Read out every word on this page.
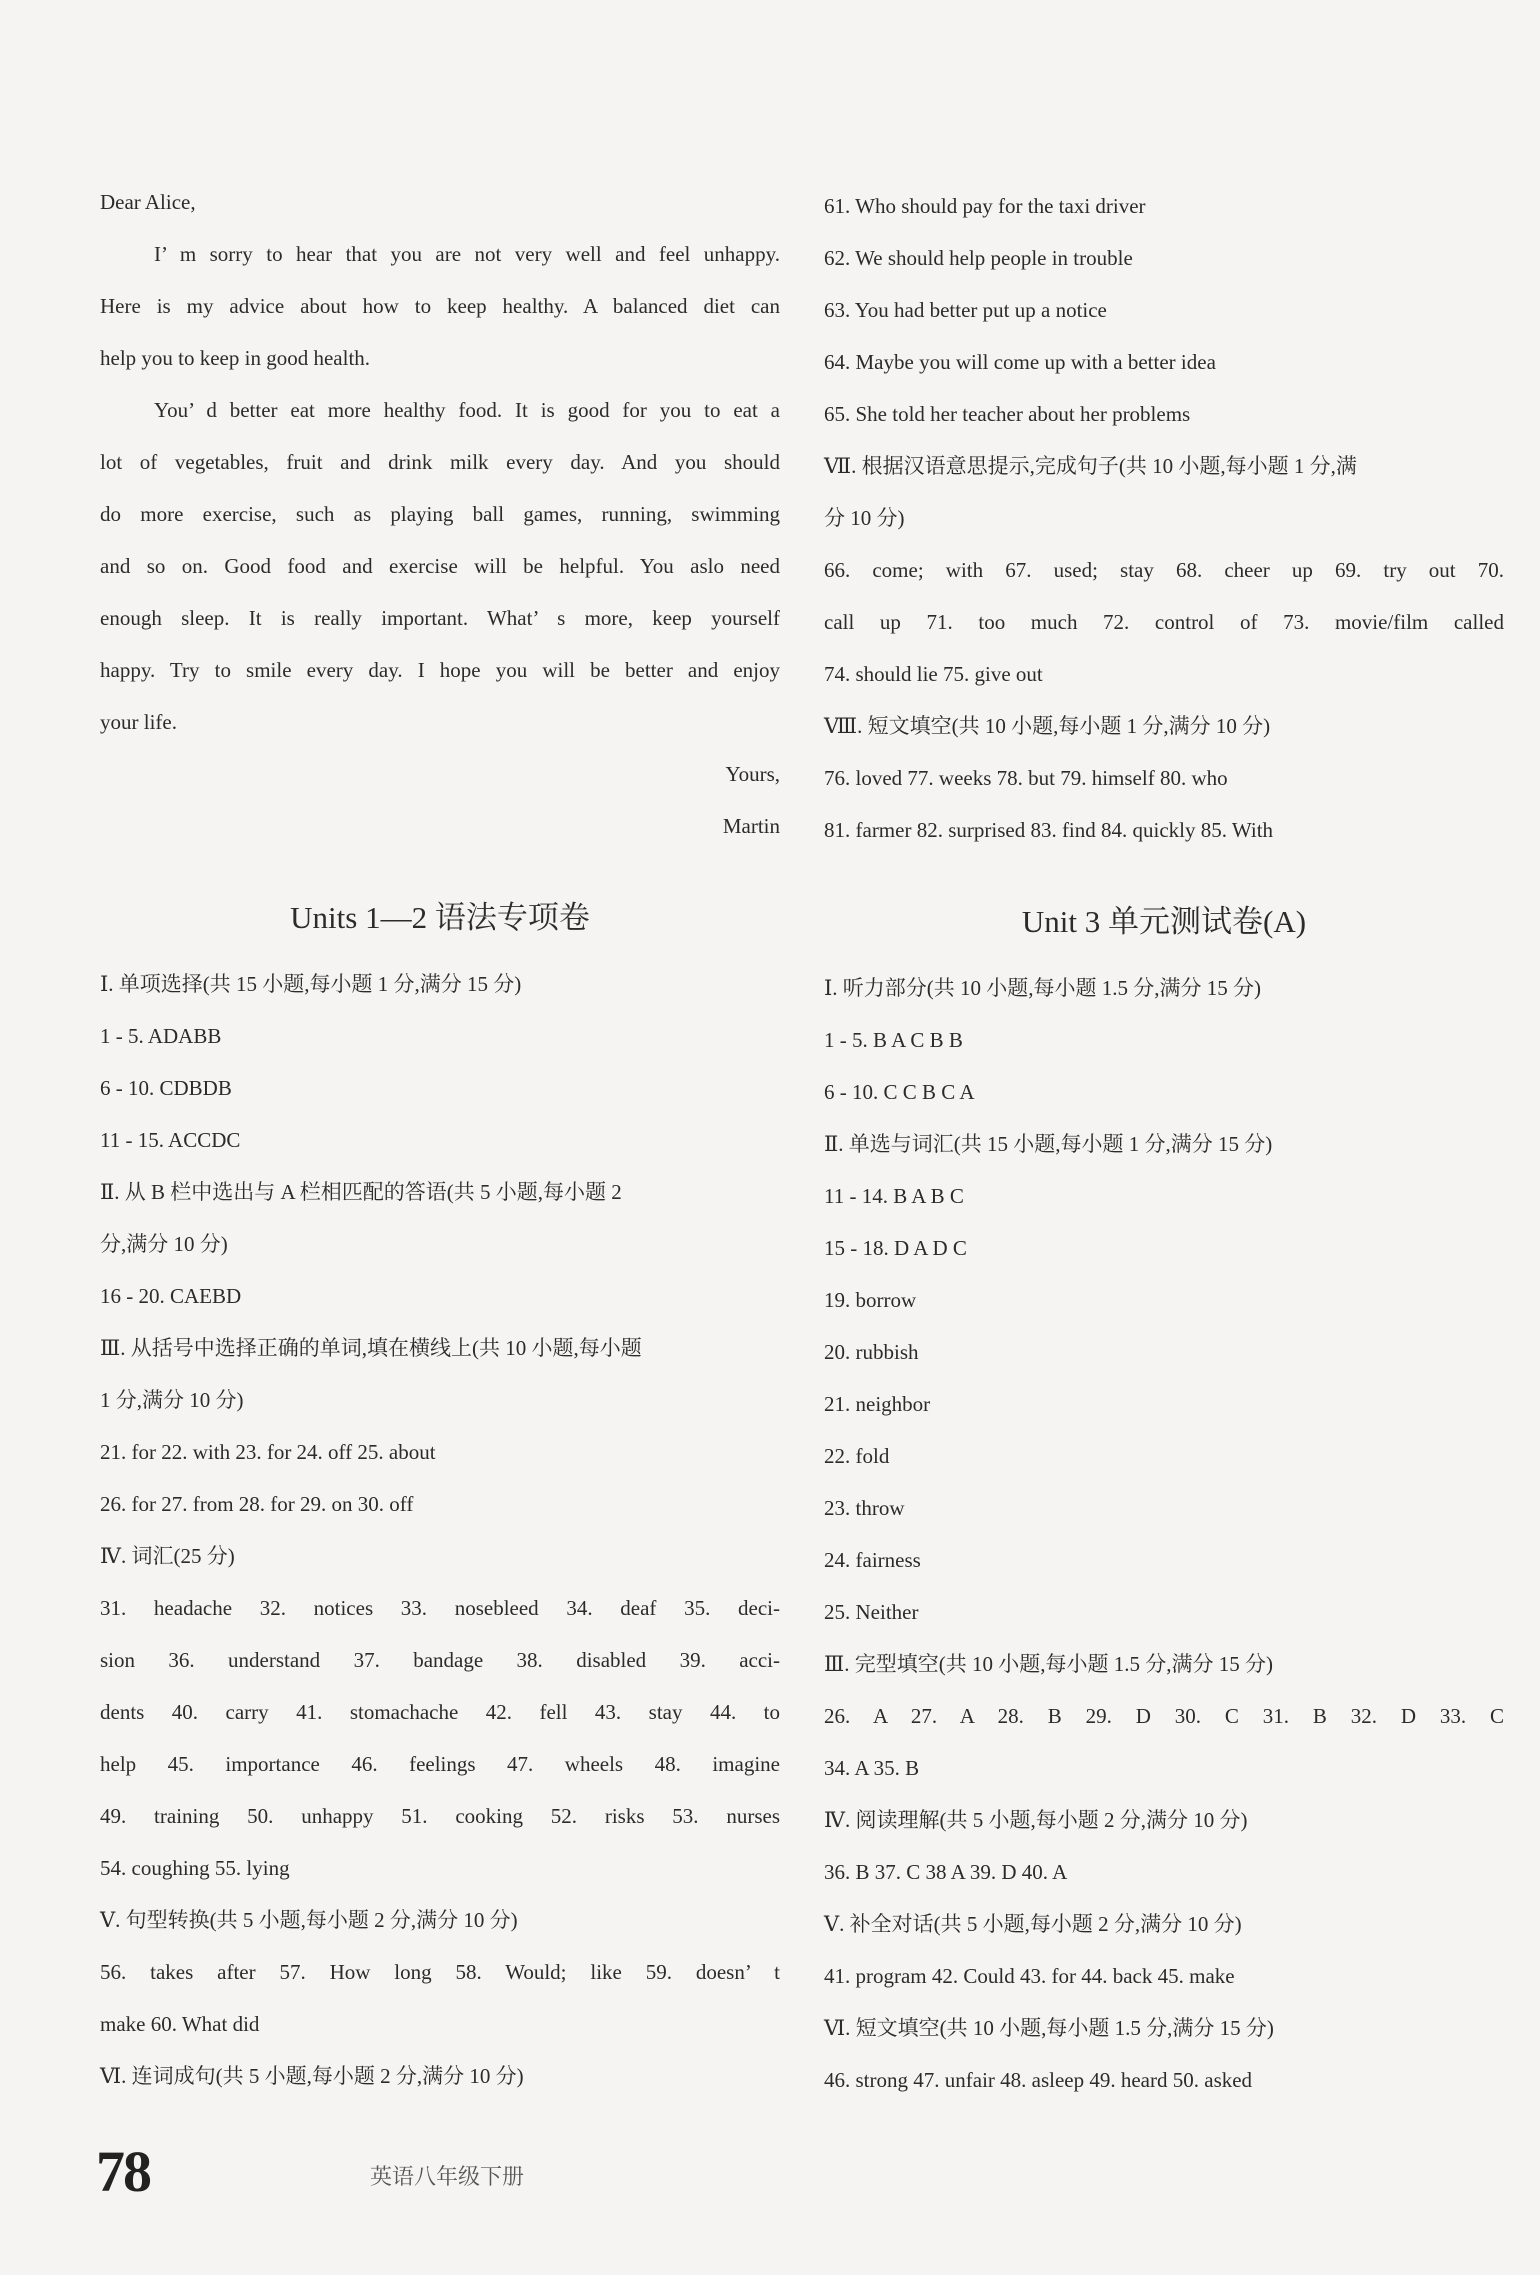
Dear Alice,
I’ m sorry to hear that you are not very well and feel unhappy.
Here is my advice about how to keep healthy. A balanced diet can
help you to keep in good health.
You’ d better eat more healthy food. It is good for you to eat a
lot of vegetables, fruit and drink milk every day. And you should
do more exercise, such as playing ball games, running, swimming
and so on. Good food and exercise will be helpful. You aslo need
enough sleep. It is really important. What’ s more, keep yourself
happy. Try to smile every day. I hope you will be better and enjoy
your life.
Yours,
Martin
Units 1—2 语法专项卷
Ⅰ. 单项选择(共 15 小题,每小题 1 分,满分 15 分)
1 - 5. ADABB
6 - 10. CDBDB
11 - 15. ACCDC
Ⅱ. 从 B 栏中选出与 A 栏相匹配的答语(共 5 小题,每小题 2
分,满分 10 分)
16 - 20. CAEBD
Ⅲ. 从括号中选择正确的单词,填在横线上(共 10 小题,每小题
1 分,满分 10 分)
21. for 22. with 23. for 24. off 25. about
26. for 27. from 28. for 29. on 30. off
Ⅳ. 词汇(25 分)
31. headache 32. notices 33. nosebleed 34. deaf 35. deci-
sion 36. understand 37. bandage 38. disabled 39. acci-
dents 40. carry 41. stomachache 42. fell 43. stay 44. to
help 45. importance 46. feelings 47. wheels 48. imagine
49. training 50. unhappy 51. cooking 52. risks 53. nurses
54. coughing 55. lying
Ⅴ. 句型转换(共 5 小题,每小题 2 分,满分 10 分)
56. takes after 57. How long 58. Would; like 59. doesn’ t
make 60. What did
Ⅵ. 连词成句(共 5 小题,每小题 2 分,满分 10 分)
61. Who should pay for the taxi driver
62. We should help people in trouble
63. You had better put up a notice
64. Maybe you will come up with a better idea
65. She told her teacher about her problems
Ⅶ. 根据汉语意思提示,完成句子(共 10 小题,每小题 1 分,满
分 10 分)
66. come; with 67. used; stay 68. cheer up 69. try out 70.
call up 71. too much 72. control of 73. movie/film called
74. should lie 75. give out
Ⅷ. 短文填空(共 10 小题,每小题 1 分,满分 10 分)
76. loved 77. weeks 78. but 79. himself 80. who
81. farmer 82. surprised 83. find 84. quickly 85. With
Unit 3 单元测试卷(A)
Ⅰ. 听力部分(共 10 小题,每小题 1.5 分,满分 15 分)
1 - 5. B A C B B
6 - 10. C C B C A
Ⅱ. 单选与词汇(共 15 小题,每小题 1 分,满分 15 分)
11 - 14. B A B C
15 - 18. D A D C
19. borrow
20. rubbish
21. neighbor
22. fold
23. throw
24. fairness
25. Neither
Ⅲ. 完型填空(共 10 小题,每小题 1.5 分,满分 15 分)
26. A 27. A 28. B 29. D 30. C 31. B 32. D 33. C
34. A 35. B
Ⅳ. 阅读理解(共 5 小题,每小题 2 分,满分 10 分)
36. B 37. C 38 A 39. D 40. A
Ⅴ. 补全对话(共 5 小题,每小题 2 分,满分 10 分)
41. program 42. Could 43. for 44. back 45. make
Ⅵ. 短文填空(共 10 小题,每小题 1.5 分,满分 15 分)
46. strong 47. unfair 48. asleep 49. heard 50. asked
78	英语八年级下册
